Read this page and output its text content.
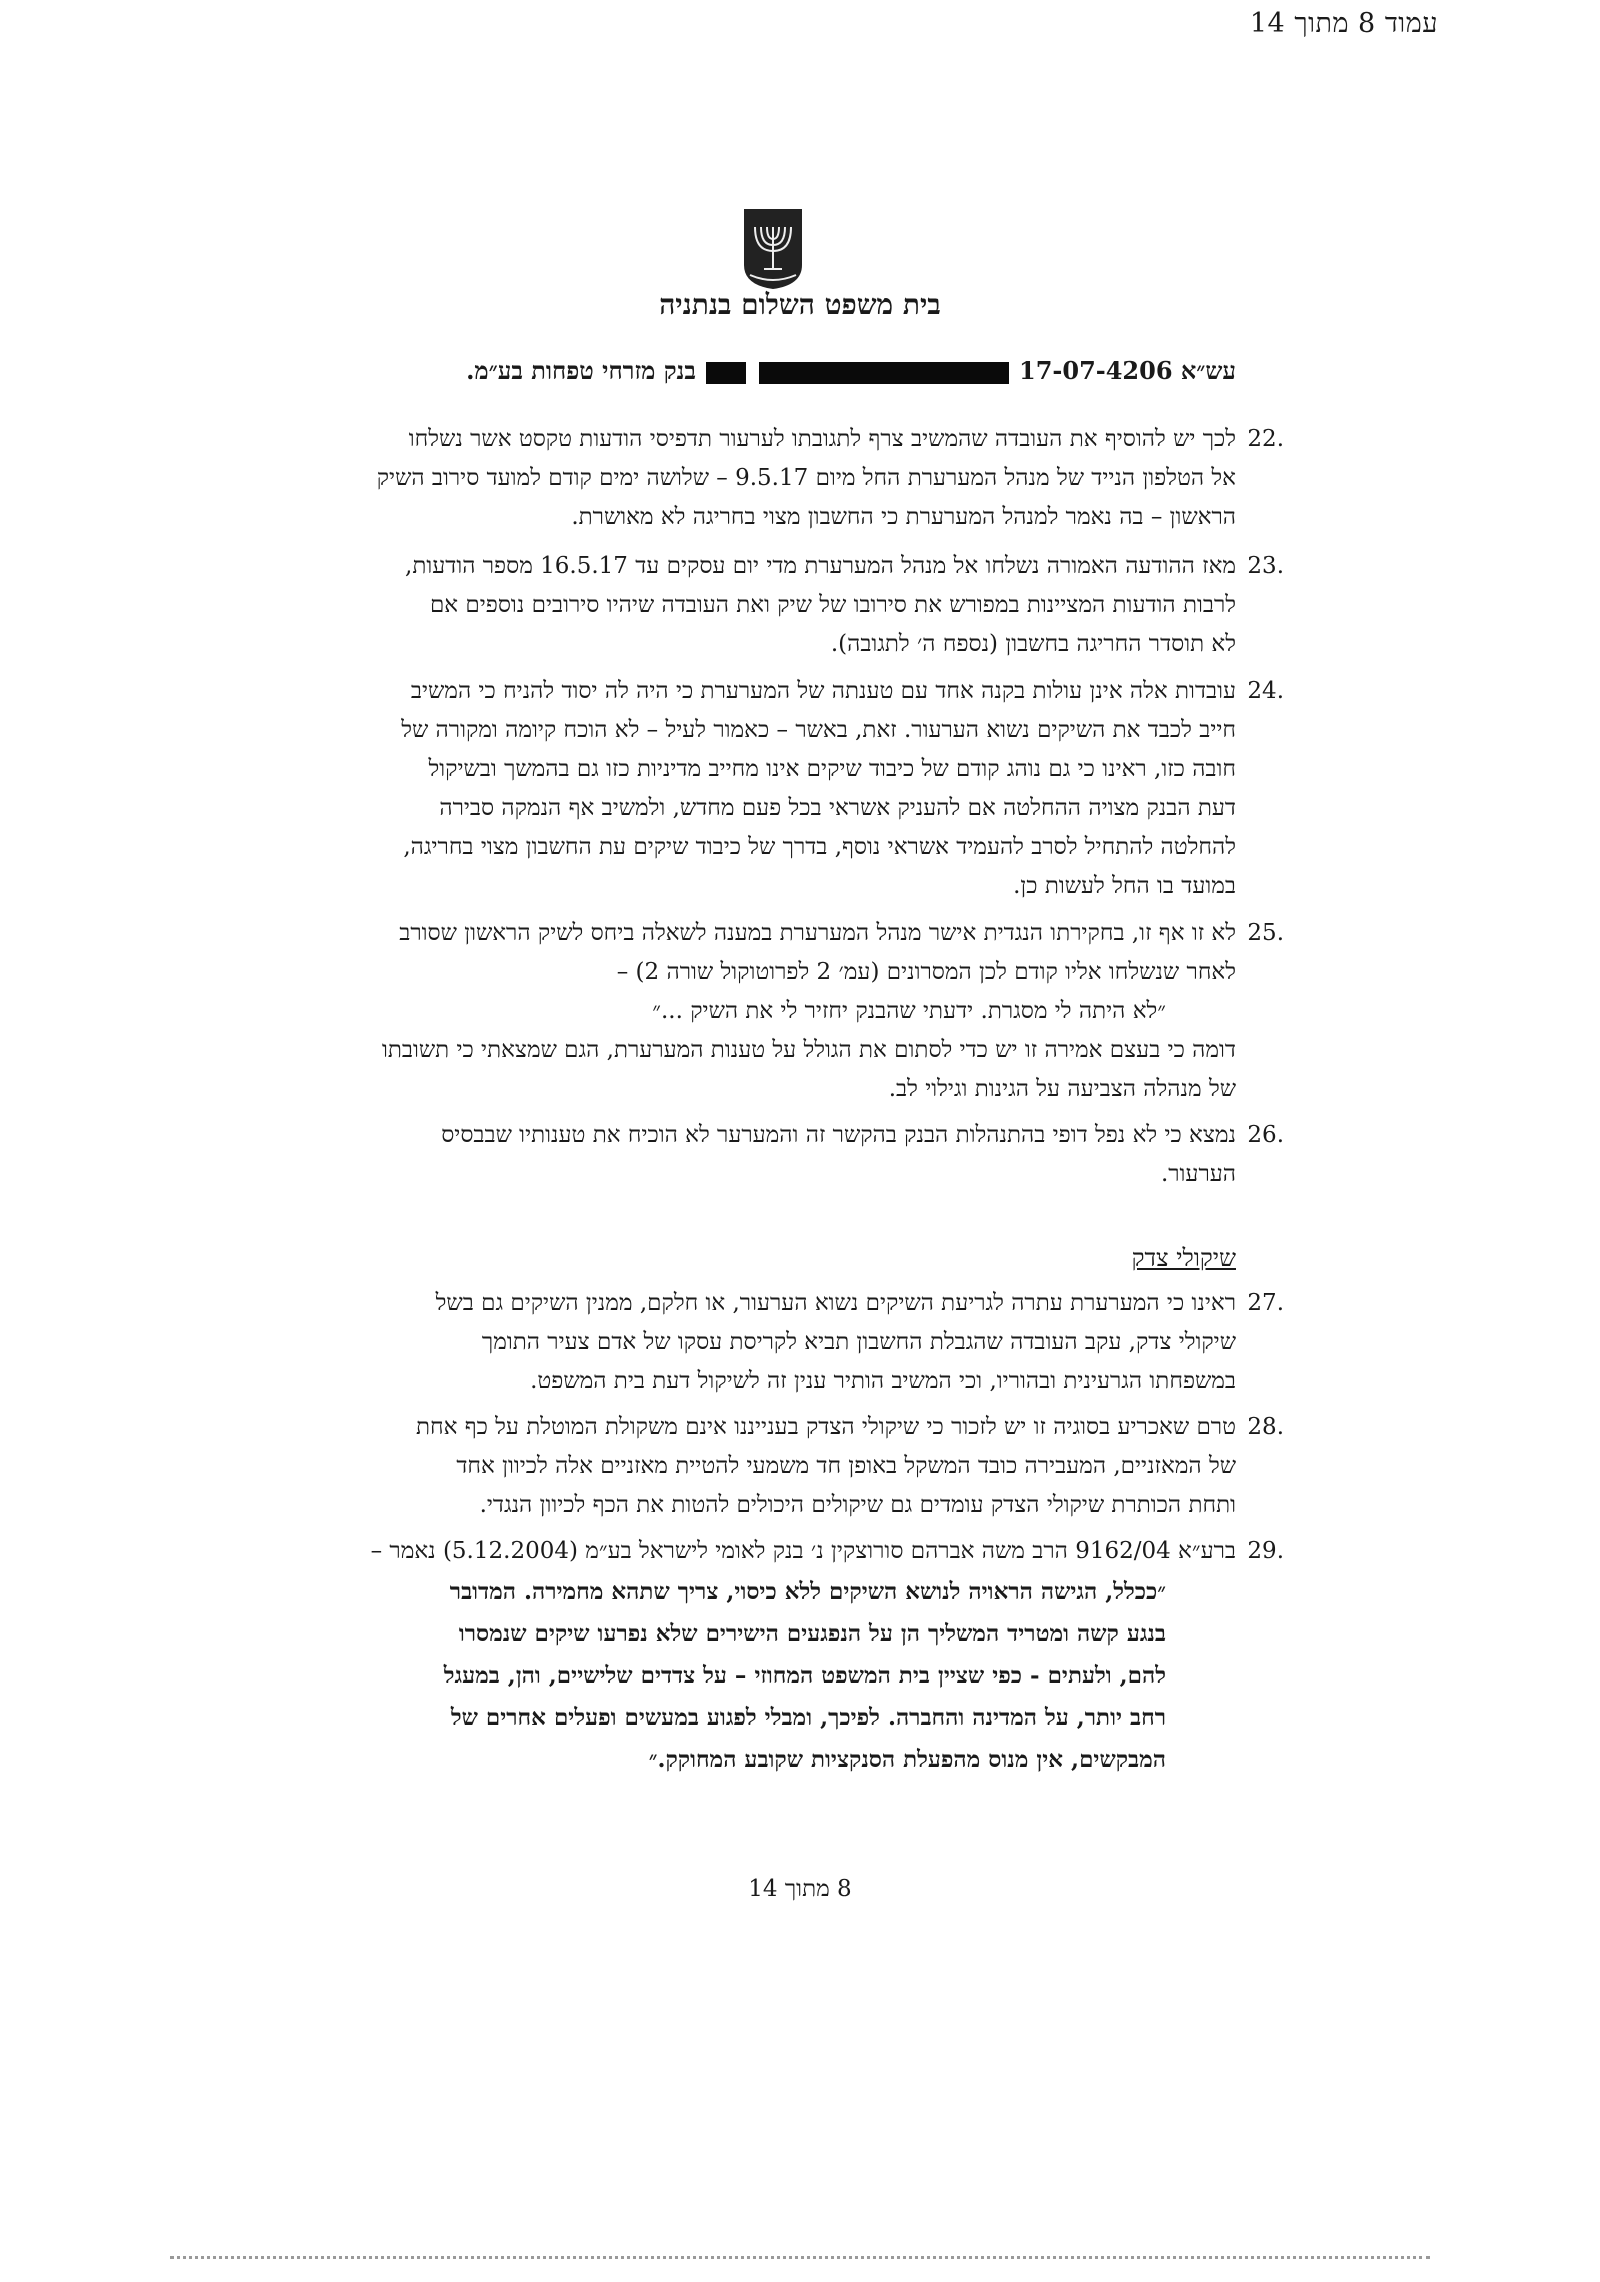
עמוד 8 מתוך 14
בית משפט השלום בנתניה
עש״א 17-07-4206   בנק מזרחי טפחות בע״מ.
22.
לכך יש להוסיף את העובדה שהמשיב צרף לתגובתו לערעור תדפיסי הודעות טקסט אשר נשלחו
אל הטלפון הנייד של מנהל המערערת החל מיום 9.5.17 – שלושה ימים קודם למועד סירוב השיק
הראשון – בה נאמר למנהל המערערת כי החשבון מצוי בחריגה לא מאושרת.
23.
מאז ההודעה האמורה נשלחו אל מנהל המערערת מדי יום עסקים עד 16.5.17 מספר הודעות,
לרבות הודעות המציינות במפורש את סירובו של שיק ואת העובדה שיהיו סירובים נוספים אם
לא תוסדר החריגה בחשבון (נספח ה׳ לתגובה).
24.
עובדות אלה אינן עולות בקנה אחד עם טענתה של המערערת כי היה לה יסוד להניח כי המשיב
חייב לכבד את השיקים נשוא הערעור. זאת, באשר – כאמור לעיל – לא הוכח קיומה ומקורה של
חובה כזו, ראינו כי גם נוהג קודם של כיבוד שיקים אינו מחייב מדיניות כזו גם בהמשך ובשיקול
דעת הבנק מצויה ההחלטה אם להעניק אשראי בכל פעם מחדש, ולמשיב אף הנמקה סבירה
להחלטה להתחיל לסרב להעמיד אשראי נוסף, בדרך של כיבוד שיקים עת החשבון מצוי בחריגה,
במועד בו החל לעשות כן.
25.
לא זו אף זו, בחקירתו הנגדית אישר מנהל המערערת במענה לשאלה ביחס לשיק הראשון שסורב
לאחר שנשלחו אליו קודם לכן המסרונים (עמ׳ 2 לפרוטוקול שורה 2) –
״לא היתה לי מסגרת. ידעתי שהבנק יחזיר לי את השיק ...״
דומה כי בעצם אמירה זו יש כדי לסתום את הגולל על טענות המערערת, הגם שמצאתי כי תשובתו
של מנהלה הצביעה על הגינות וגילוי לב.
26.
נמצא כי לא נפל דופי בהתנהלות הבנק בהקשר זה והמערער לא הוכיח את טענותיו שבבסיס
הערעור.
שיקולי צדק
27.
ראינו כי המערערת עתרה לגריעת השיקים נשוא הערעור, או חלקם, ממנין השיקים גם בשל
שיקולי צדק, עקב העובדה שהגבלת החשבון תביא לקריסת עסקו של אדם צעיר התומך
במשפחתו הגרעינית ובהוריו, וכי המשיב הותיר ענין זה לשיקול דעת בית המשפט.
28.
טרם שאכריע בסוגיה זו יש לזכור כי שיקולי הצדק בענייננו אינם משקולת המוטלת על כף אחת
של המאזניים, המעבירה כובד המשקל באופן חד משמעי להטיית מאזניים אלה לכיוון אחד
ותחת הכותרת שיקולי הצדק עומדים גם שיקולים היכולים להטות את הכף לכיוון הנגדי.
29.
ברע״א 9162/04 הרב משה אברהם סורוצקין נ׳ בנק לאומי לישראל בע״מ (5.12.2004) נאמר –
״ככלל, הגישה הראויה לנושא השיקים ללא כיסוי, צריך שתהא מחמירה. המדובר
בנגע קשה ומטריד המשליך הן על הנפגעים הישירים שלא נפרעו שיקים שנמסרו
להם, ולעתים - כפי שציין בית המשפט המחוזי – על צדדים שלישיים, והן, במעגל
רחב יותר, על המדינה והחברה. לפיכך, ומבלי לפגוע במעשים ופעלים אחרים של
המבקשים, אין מנוס מהפעלת הסנקציות שקובע המחוקק.״
8 מתוך 14
